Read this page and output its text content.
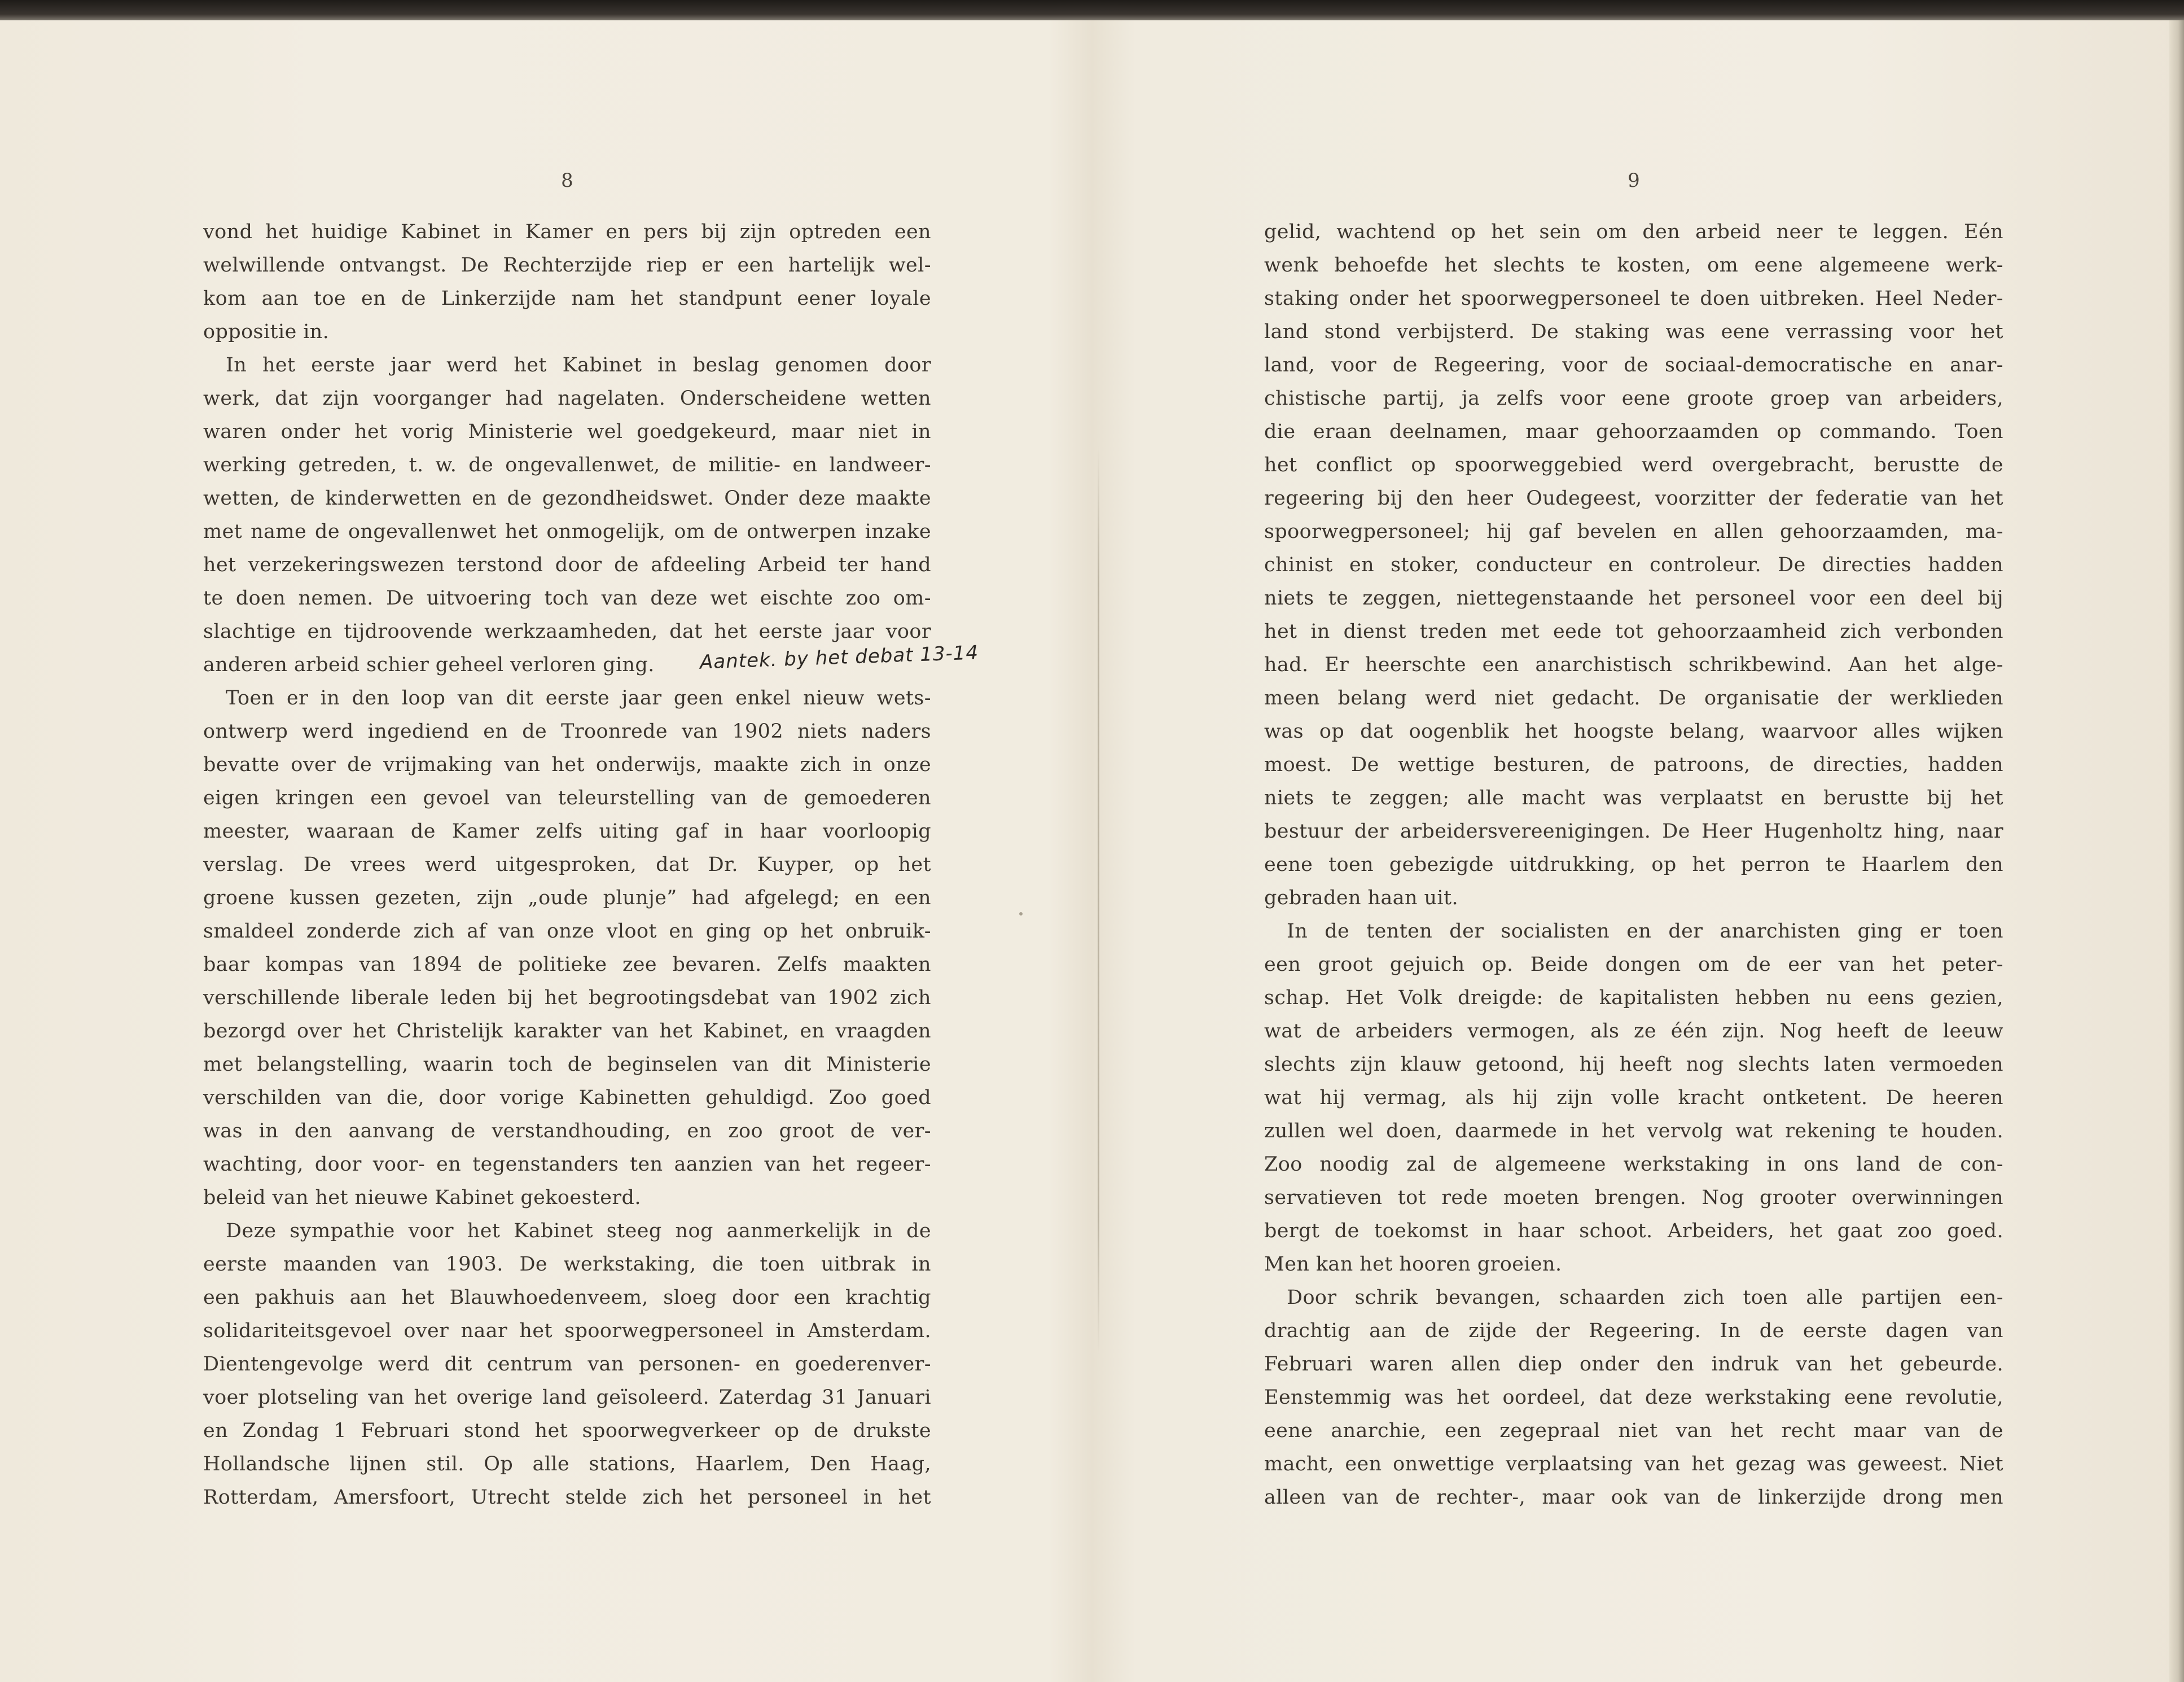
8
vond het huidige Kabinet in Kamer en pers bij zijn optreden een
welwillende ontvangst. De Rechterzijde riep er een hartelijk wel-
kom aan toe en de Linkerzijde nam het standpunt eener loyale
oppositie in.
In het eerste jaar werd het Kabinet in beslag genomen door
werk, dat zijn voorganger had nagelaten. Onderscheidene wetten
waren onder het vorig Ministerie wel goedgekeurd, maar niet in
werking getreden, t. w. de ongevallenwet, de militie- en landweer-
wetten, de kinderwetten en de gezondheidswet. Onder deze maakte
met name de ongevallenwet het onmogelijk, om de ontwerpen inzake
het verzekeringswezen terstond door de afdeeling Arbeid ter hand
te doen nemen. De uitvoering toch van deze wet eischte zoo om-
slachtige en tijdroovende werkzaamheden, dat het eerste jaar voor
anderen arbeid schier geheel verloren ging.
Toen er in den loop van dit eerste jaar geen enkel nieuw wets-
ontwerp werd ingediend en de Troonrede van 1902 niets naders
bevatte over de vrijmaking van het onderwijs, maakte zich in onze
eigen kringen een gevoel van teleurstelling van de gemoederen
meester, waaraan de Kamer zelfs uiting gaf in haar voorloopig
verslag. De vrees werd uitgesproken, dat Dr. Kuyper, op het
groene kussen gezeten, zijn „oude plunje” had afgelegd; en een
smaldeel zonderde zich af van onze vloot en ging op het onbruik-
baar kompas van 1894 de politieke zee bevaren. Zelfs maakten
verschillende liberale leden bij het begrootingsdebat van 1902 zich
bezorgd over het Christelijk karakter van het Kabinet, en vraagden
met belangstelling, waarin toch de beginselen van dit Ministerie
verschilden van die, door vorige Kabinetten gehuldigd. Zoo goed
was in den aanvang de verstandhouding, en zoo groot de ver-
wachting, door voor- en tegenstanders ten aanzien van het regeer-
beleid van het nieuwe Kabinet gekoesterd.
Deze sympathie voor het Kabinet steeg nog aanmerkelijk in de
eerste maanden van 1903. De werkstaking, die toen uitbrak in
een pakhuis aan het Blauwhoedenveem, sloeg door een krachtig
solidariteitsgevoel over naar het spoorwegpersoneel in Amsterdam.
Dientengevolge werd dit centrum van personen- en goederenver-
voer plotseling van het overige land geïsoleerd. Zaterdag 31 Januari
en Zondag 1 Februari stond het spoorwegverkeer op de drukste
Hollandsche lijnen stil. Op alle stations, Haarlem, Den Haag,
Rotterdam, Amersfoort, Utrecht stelde zich het personeel in het
Aantek. by het debat 13-14
9
gelid, wachtend op het sein om den arbeid neer te leggen. Eén
wenk behoefde het slechts te kosten, om eene algemeene werk-
staking onder het spoorwegpersoneel te doen uitbreken. Heel Neder-
land stond verbijsterd. De staking was eene verrassing voor het
land, voor de Regeering, voor de sociaal-democratische en anar-
chistische partij, ja zelfs voor eene groote groep van arbeiders,
die eraan deelnamen, maar gehoorzaamden op commando. Toen
het conflict op spoorweggebied werd overgebracht, berustte de
regeering bij den heer Oudegeest, voorzitter der federatie van het
spoorwegpersoneel; hij gaf bevelen en allen gehoorzaamden, ma-
chinist en stoker, conducteur en controleur. De directies hadden
niets te zeggen, niettegenstaande het personeel voor een deel bij
het in dienst treden met eede tot gehoorzaamheid zich verbonden
had. Er heerschte een anarchistisch schrikbewind. Aan het alge-
meen belang werd niet gedacht. De organisatie der werklieden
was op dat oogenblik het hoogste belang, waarvoor alles wijken
moest. De wettige besturen, de patroons, de directies, hadden
niets te zeggen; alle macht was verplaatst en berustte bij het
bestuur der arbeidersvereenigingen. De Heer Hugenholtz hing, naar
eene toen gebezigde uitdrukking, op het perron te Haarlem den
gebraden haan uit.
In de tenten der socialisten en der anarchisten ging er toen
een groot gejuich op. Beide dongen om de eer van het peter-
schap. Het Volk dreigde: de kapitalisten hebben nu eens gezien,
wat de arbeiders vermogen, als ze één zijn. Nog heeft de leeuw
slechts zijn klauw getoond, hij heeft nog slechts laten vermoeden
wat hij vermag, als hij zijn volle kracht ontketent. De heeren
zullen wel doen, daarmede in het vervolg wat rekening te houden.
Zoo noodig zal de algemeene werkstaking in ons land de con-
servatieven tot rede moeten brengen. Nog grooter overwinningen
bergt de toekomst in haar schoot. Arbeiders, het gaat zoo goed.
Men kan het hooren groeien.
Door schrik bevangen, schaarden zich toen alle partijen een-
drachtig aan de zijde der Regeering. In de eerste dagen van
Februari waren allen diep onder den indruk van het gebeurde.
Eenstemmig was het oordeel, dat deze werkstaking eene revolutie,
eene anarchie, een zegepraal niet van het recht maar van de
macht, een onwettige verplaatsing van het gezag was geweest. Niet
alleen van de rechter-, maar ook van de linkerzijde drong men
